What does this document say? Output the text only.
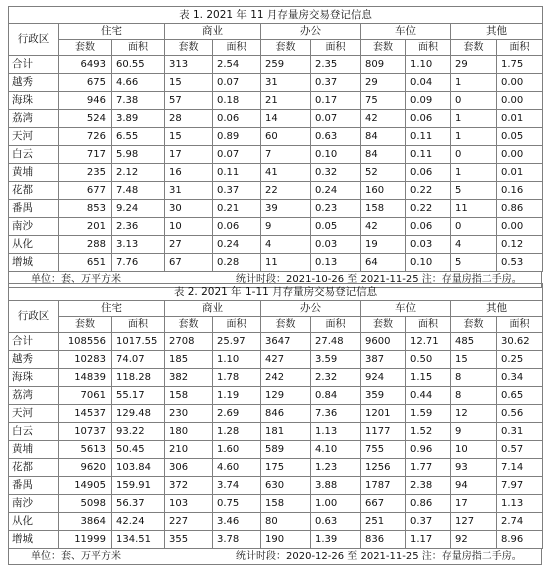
表 1. 2021 年 11 月存量房交易登记信息										
行政区	住宅		商业		办公		车位		其他	
	套数	面积	套数	面积	套数	面积	套数	面积	套数	面积
合计	6493	60.55	313	2.54	259	2.35	809	1.10	29	1.75
越秀	675	4.66	15	0.07	31	0.37	29	0.04	1	0.00
海珠	946	7.38	57	0.18	21	0.17	75	0.09	0	0.00
荔湾	524	3.89	28	0.06	14	0.07	42	0.06	1	0.01
天河	726	6.55	15	0.89	60	0.63	84	0.11	1	0.05
白云	717	5.98	17	0.07	7	0.10	84	0.11	0	0.00
黄埔	235	2.12	16	0.11	41	0.32	52	0.06	1	0.01
花都	677	7.48	31	0.37	22	0.24	160	0.22	5	0.16
番禺	853	9.24	30	0.21	39	0.23	158	0.22	11	0.86
南沙	201	2.36	10	0.06	9	0.05	42	0.06	0	0.00
从化	288	3.13	27	0.24	4	0.03	19	0.03	4	0.12
增城	651	7.76	67	0.28	11	0.13	64	0.10	5	0.53
单位：套、万平方米	统计时段：2021-10-26 至 2021-11-25 注：存量房指二手房。
表 2. 2021 年 1-11 月存量房交易登记信息										
行政区	住宅		商业		办公		车位		其他	
	套数	面积	套数	面积	套数	面积	套数	面积	套数	面积
合计	108556	1017.55	2708	25.97	3647	27.48	9600	12.71	485	30.62
越秀	10283	74.07	185	1.10	427	3.59	387	0.50	15	0.25
海珠	14839	118.28	382	1.78	242	2.32	924	1.15	8	0.34
荔湾	7061	55.17	158	1.19	129	0.84	359	0.44	8	0.65
天河	14537	129.48	230	2.69	846	7.36	1201	1.59	12	0.56
白云	10737	93.22	180	1.28	181	1.13	1177	1.52	9	0.31
黄埔	5613	50.45	210	1.60	589	4.10	755	0.96	10	0.57
花都	9620	103.84	306	4.60	175	1.23	1256	1.77	93	7.14
番禺	14905	159.91	372	3.74	630	3.88	1787	2.38	94	7.97
南沙	5098	56.37	103	0.75	158	1.00	667	0.86	17	1.13
从化	3864	42.24	227	3.46	80	0.63	251	0.37	127	2.74
增城	11999	134.51	355	3.78	190	1.39	836	1.17	92	8.96
单位：套、万平方米	统计时段：2020-12-26 至 2021-11-25 注：存量房指二手房。
